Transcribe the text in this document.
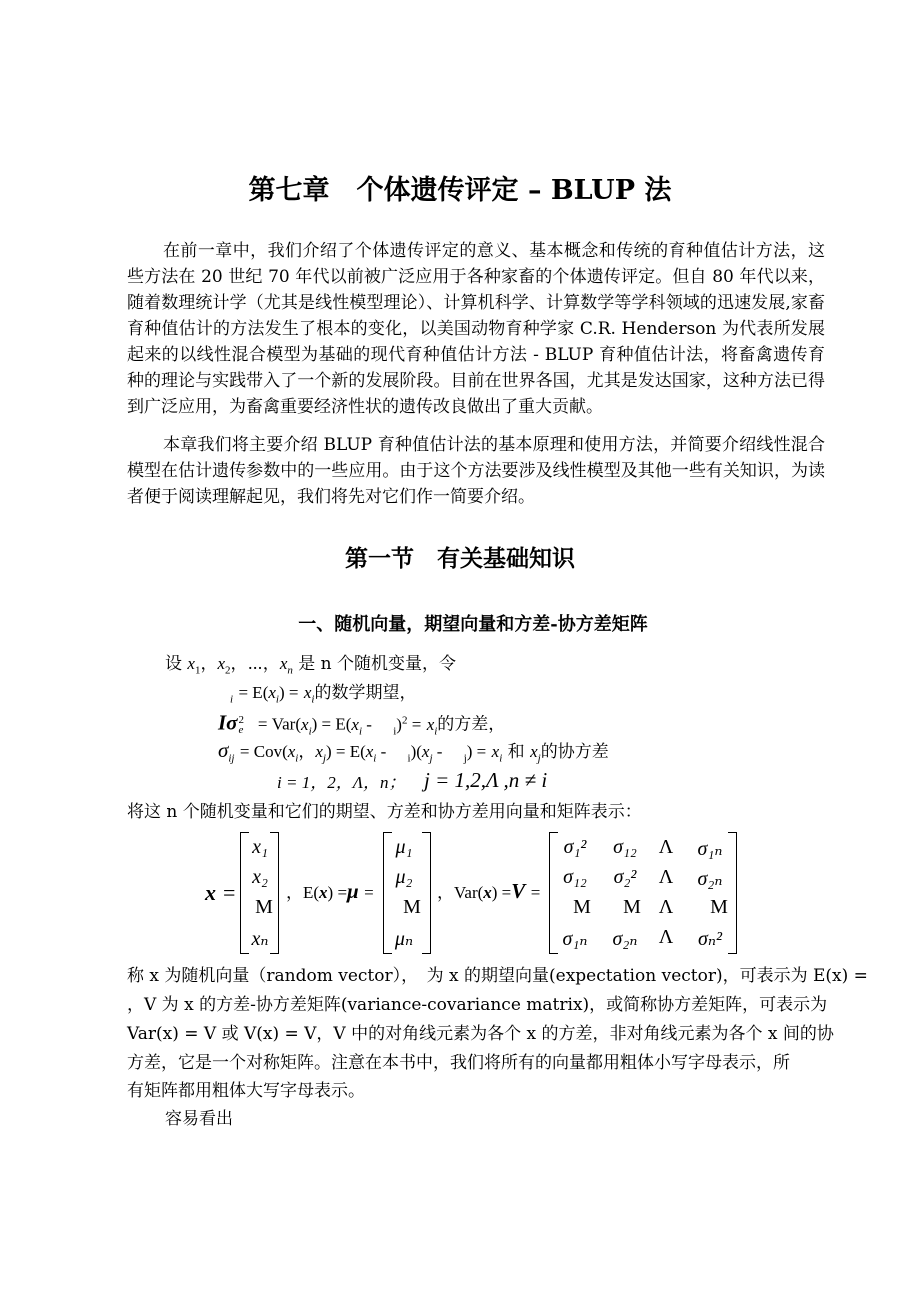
第七章　个体遗传评定 – BLUP 法
在前一章中，我们介绍了个体遗传评定的意义、基本概念和传统的育种值估计方法，这些方法在 20 世纪 70 年代以前被广泛应用于各种家畜的个体遗传评定。但自 80 年代以来，随着数理统计学（尤其是线性模型理论）、计算机科学、计算数学等学科领域的迅速发展,家畜育种值估计的方法发生了根本的变化，以美国动物育种学家 C.R. Henderson 为代表所发展起来的以线性混合模型为基础的现代育种值估计方法 - BLUP 育种值估计法，将畜禽遗传育种的理论与实践带入了一个新的发展阶段。目前在世界各国，尤其是发达国家，这种方法已得到广泛应用，为畜禽重要经济性状的遗传改良做出了重大贡献。
本章我们将主要介绍 BLUP 育种值估计法的基本原理和使用方法，并简要介绍线性混合模型在估计遗传参数中的一些应用。由于这个方法要涉及线性模型及其他一些有关知识，为读者便于阅读理解起见，我们将先对它们作一简要介绍。
第一节　有关基础知识
一、随机向量，期望向量和方差-协方差矩阵
设 $x_1$，$x_2$，⋯，$x_n$ 是 n 个随机变量，令
$_i = E(x_i) = x_i$的数学期望，
Iσ2
$e = Var(x_i) = E(x_i$ -     $_i)^2 = x_i$的方差，
$\sigma_{ij} = Cov(x_i$，$x_j) = E(x_i$ -     $_i)(x_j$ -     $_j) = x_i$ 和 $x_j$的协方差
i = 1，2，Λ，n； j = 1,2,Λ ,n ≠ i
将这 n 个随机变量和它们的期望、方差和协方差用向量和矩阵表示：
x =
x₁
x₂
M
xₙ
，E(x) =μ =
μ₁
μ₂
M
μₙ
，Var(x) =V =
σ₁²	σ₁₂	Λ	σ₁ₙ
σ₁₂	σ₂²	Λ	σ₂ₙ
M	M Λ	M
σ₁ₙ	σ₂ₙ	Λ	σₙ²
称 x 为随机向量（random vector），　为 x 的期望向量(expectation vector)，可表示为 E(x) =
，V 为 x 的方差-协方差矩阵(variance-covariance matrix)，或简称协方差矩阵，可表示为
Var(x) = V 或 V(x) = V，V 中的对角线元素为各个 x 的方差，非对角线元素为各个 x 间的协
方差，它是一个对称矩阵。注意在本书中，我们将所有的向量都用粗体小写字母表示，所
有矩阵都用粗体大写字母表示。
容易看出
